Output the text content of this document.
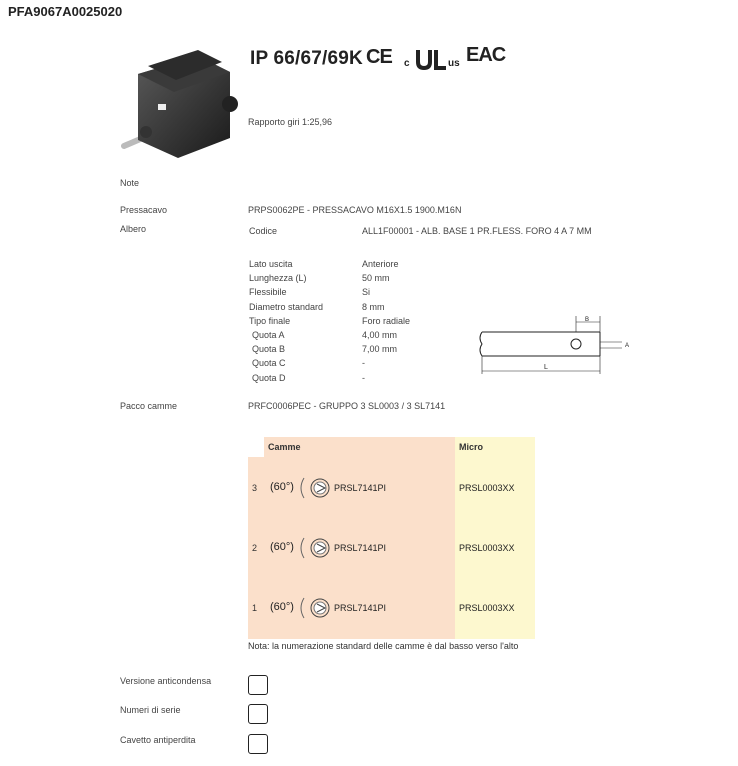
PFA9067A0025020
IP 66/67/69K CE c	us EAC
Rapporto giri 1:25,96
Note
Pressacavo	PRPS0062PE - PRESSACAVO M16X1.5 1900.M16N
Albero	Codice	ALL1F00001 - ALB. BASE 1 PR.FLESS. FORO 4 A 7 MM
Lato uscita	Anteriore
Lunghezza (L)	50 mm
Flessibile	Si
Diametro standard	8 mm
Tipo finale	Foro radiale
Quota A	4,00 mm
Quota B	7,00 mm
Quota C	-
Quota D	-
B
A
L
Pacco camme	PRFC0006PEC - GRUPPO 3 SL0003 / 3 SL7141
Camme	Micro
3 (60°)	PRSL7141PI	PRSL0003XX
2 (60°)	PRSL7141PI	PRSL0003XX
1 (60°)	PRSL7141PI	PRSL0003XX
Nota: la numerazione standard delle camme è dal basso verso l'alto
Versione anticondensa
Numeri di serie
Cavetto antiperdita
